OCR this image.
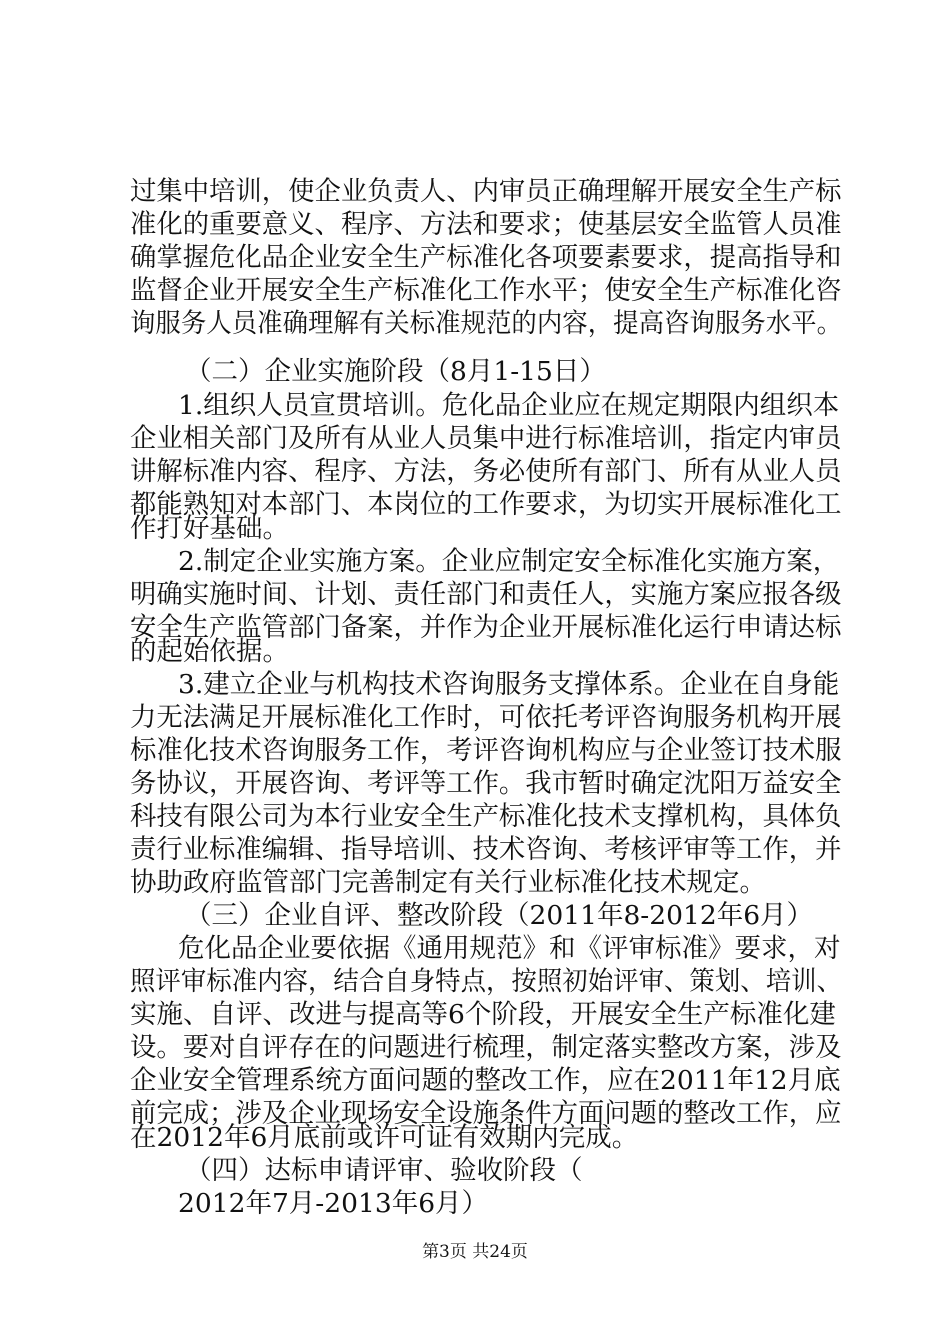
过集中培训，使企业负责人、内审员正确理解开展安全生产标
准化的重要意义、程序、方法和要求；使基层安全监管人员准
确掌握危化品企业安全生产标准化各项要素要求，提高指导和
监督企业开展安全生产标准化工作水平；使安全生产标准化咨
询服务人员准确理解有关标准规范的内容，提高咨询服务水平。
（二）企业实施阶段（8月1-15日）
1.组织人员宣贯培训。危化品企业应在规定期限内组织本
企业相关部门及所有从业人员集中进行标准培训，指定内审员
讲解标准内容、程序、方法，务必使所有部门、所有从业人员
都能熟知对本部门、本岗位的工作要求，为切实开展标准化工
作打好基础。
2.制定企业实施方案。企业应制定安全标准化实施方案，
明确实施时间、计划、责任部门和责任人，实施方案应报各级
安全生产监管部门备案，并作为企业开展标准化运行申请达标
的起始依据。
3.建立企业与机构技术咨询服务支撑体系。企业在自身能
力无法满足开展标准化工作时，可依托考评咨询服务机构开展
标准化技术咨询服务工作，考评咨询机构应与企业签订技术服
务协议，开展咨询、考评等工作。我市暂时确定沈阳万益安全
科技有限公司为本行业安全生产标准化技术支撑机构，具体负
责行业标准编辑、指导培训、技术咨询、考核评审等工作，并
协助政府监管部门完善制定有关行业标准化技术规定。
（三）企业自评、整改阶段（2011年8-2012年6月）
危化品企业要依据《通用规范》和《评审标准》要求，对
照评审标准内容，结合自身特点，按照初始评审、策划、培训、
实施、自评、改进与提高等6个阶段，开展安全生产标准化建
设。要对自评存在的问题进行梳理，制定落实整改方案，涉及
企业安全管理系统方面问题的整改工作，应在2011年12月底
前完成；涉及企业现场安全设施条件方面问题的整改工作，应
在2012年6月底前或许可证有效期内完成。
（四）达标申请评审、验收阶段（
2012年7月-2013年6月）
第3页 共24页
